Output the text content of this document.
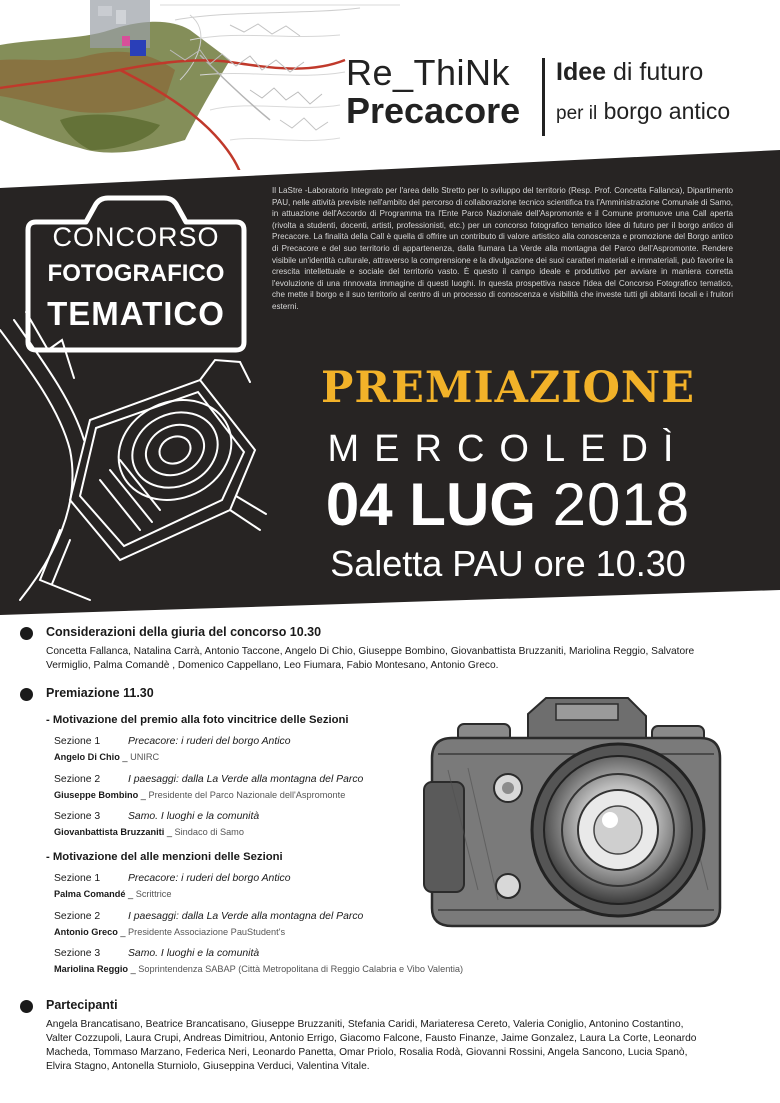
Re_ThiNk
Precacore
Idee di futuro
per il borgo antico
CONCORSO
FOTOGRAFICO
TEMATICO
Il LaStre -Laboratorio Integrato per l'area dello Stretto per lo sviluppo del territorio (Resp. Prof. Concetta Fallanca), Dipartimento PAU, nelle attività previste nell'ambito del percorso di collaborazione tecnico scientifica tra l'Amministrazione Comunale di Samo, in attuazione dell'Accordo di Programma tra l'Ente Parco Nazionale dell'Aspromonte e il Comune promuove una Call aperta (rivolta a studenti, docenti, artisti, professionisti, etc.) per un concorso fotografico tematico Idee di futuro per il borgo antico di Precacore. La finalità della Call è quella di offrire un contributo di valore artistico alla conoscenza e promozione del Borgo antico di Precacore e del suo territorio di appartenenza, dalla fiumara La Verde alla montagna del Parco dell'Aspromonte. Rendere visibile un'identità culturale, attraverso la comprensione e la divulgazione dei suoi caratteri materiali e immateriali, può favorire la crescita intellettuale e sociale del territorio vasto. È questo il campo ideale e produttivo per avviare in maniera corretta l'evoluzione di una rinnovata immagine di questi luoghi. In questa prospettiva nasce l'idea del Concorso Fotografico tematico, che mette il borgo e il suo territorio al centro di un processo di conoscenza e visibilità che investe tutti gli abitanti locali e i fruitori esterni.
PREMIAZIONE
MERCOLEDÌ
04 LUG 2018
Saletta PAU ore 10.30
Considerazioni della giuria del concorso 10.30
Concetta Fallanca, Natalina Carrà, Antonio Taccone, Angelo Di Chio, Giuseppe Bombino, Giovanbattista Bruzzaniti, Mariolina Reggio, Salvatore
Vermiglio, Palma Comandè , Domenico Cappellano, Leo Fiumara, Fabio Montesano, Antonio Greco.
Premiazione 11.30
- Motivazione del premio alla foto vincitrice delle Sezioni
Sezione 1	Precacore: i ruderi del borgo Antico
Angelo Di Chio _ UNIRC
Sezione 2	I paesaggi: dalla La Verde alla montagna del Parco
Giuseppe Bombino _ Presidente del Parco Nazionale dell'Aspromonte
Sezione 3	Samo. I luoghi e la comunità
Giovanbattista Bruzzaniti _ Sindaco di Samo
- Motivazione del alle menzioni delle Sezioni
Sezione 1	Precacore: i ruderi del borgo Antico
Palma Comandé _ Scrittrice
Sezione 2	I paesaggi: dalla La Verde alla montagna del Parco
Antonio Greco _ Presidente Associazione PauStudent's
Sezione 3	Samo. I luoghi e la comunità
Mariolina Reggio _ Soprintendenza SABAP (Città Metropolitana di Reggio Calabria e Vibo Valentia)
Partecipanti
Angela Brancatisano, Beatrice Brancatisano, Giuseppe Bruzzaniti, Stefania Caridi, Mariateresa Cereto, Valeria Coniglio, Antonino Costantino,
Valter Cozzupoli, Laura Crupi, Andreas Dimitriou, Antonio Errigo, Giacomo Falcone, Fausto Finanze, Jaime Gonzalez, Laura La Corte, Leonardo
Macheda, Tommaso Marzano, Federica Neri, Leonardo Panetta, Omar Priolo, Rosalia Rodà, Giovanni Rossini, Angela Sancono, Lucia Spanò,
Elvira Stagno, Antonella Sturniolo, Giuseppina Verduci, Valentina Vitale.
